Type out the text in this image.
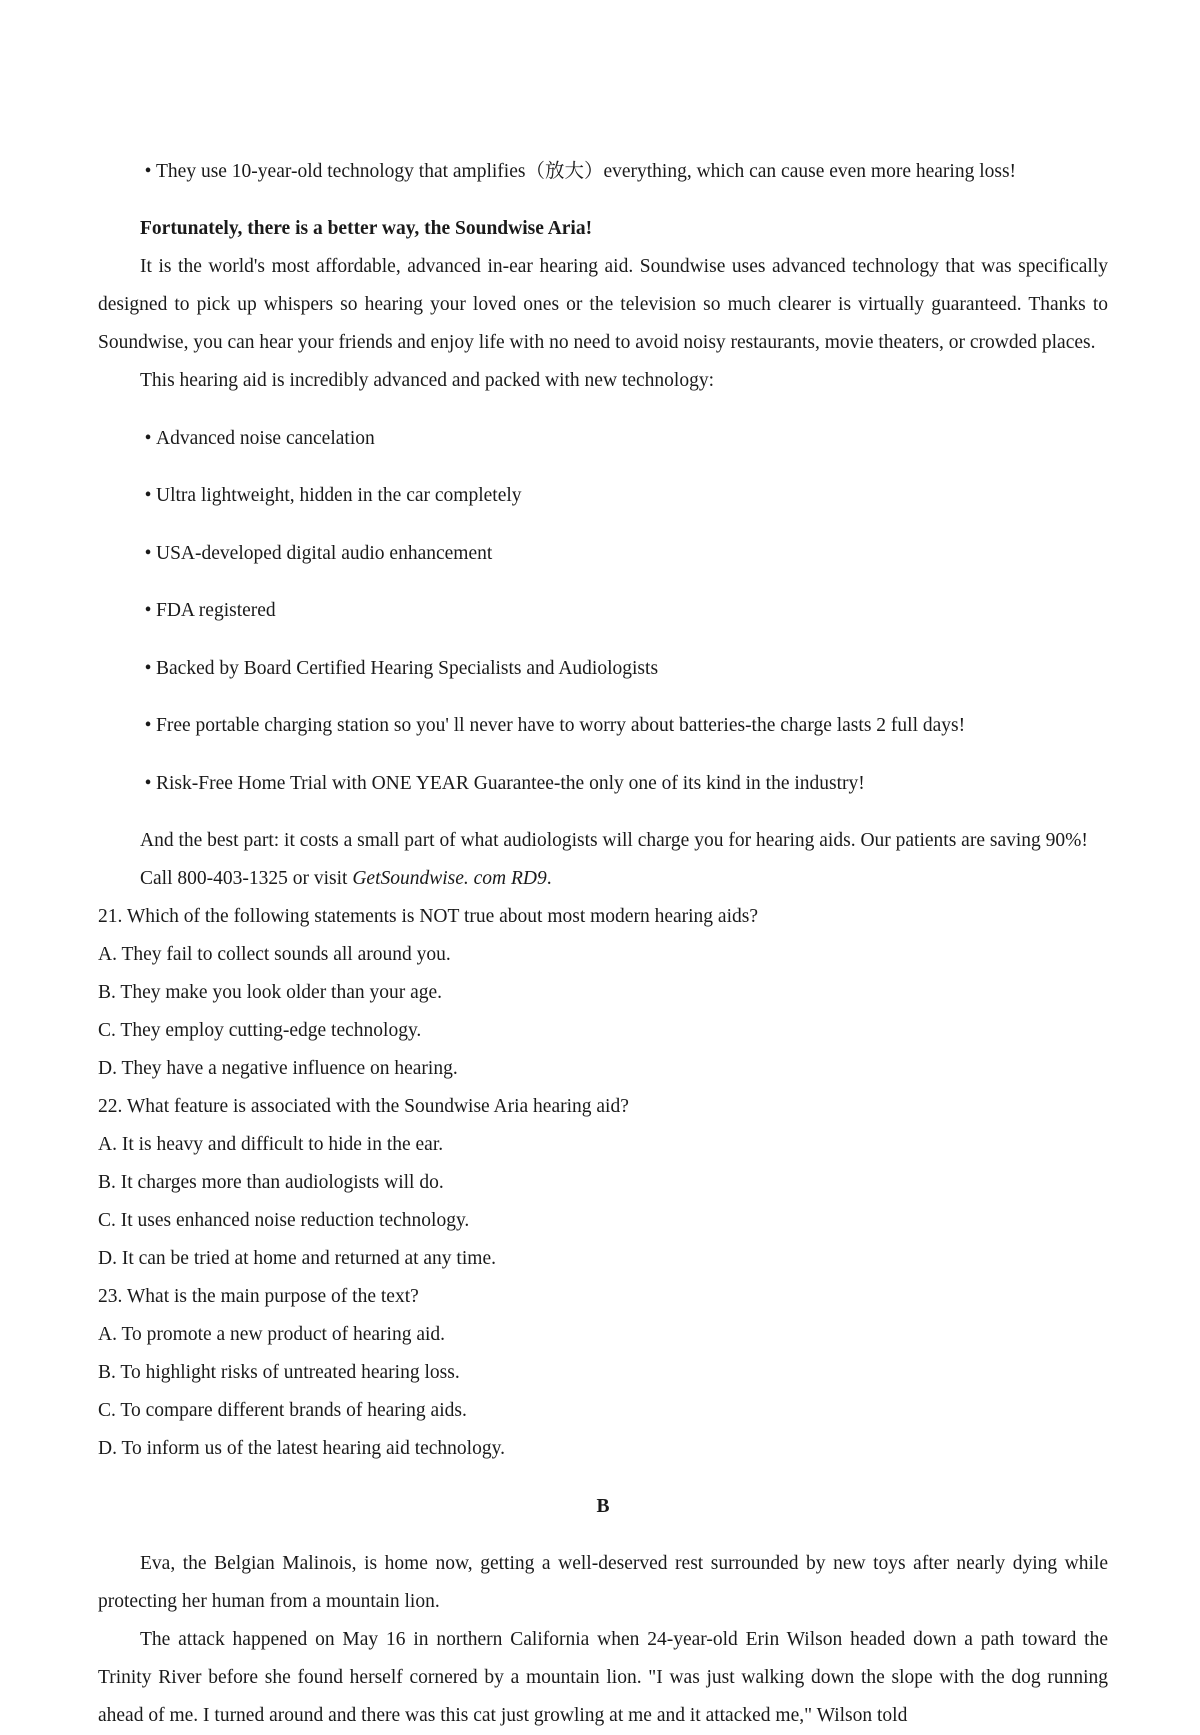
• They use 10-year-old technology that amplifies（放大）everything, which can cause even more hearing loss!

Fortunately, there is a better way, the Soundwise Aria!

It is the world's most affordable, advanced in-ear hearing aid. Soundwise uses advanced technology that was specifically designed to pick up whispers so hearing your loved ones or the television so much clearer is virtually guaranteed. Thanks to Soundwise, you can hear your friends and enjoy life with no need to avoid noisy restaurants, movie theaters, or crowded places.

This hearing aid is incredibly advanced and packed with new technology:

• Advanced noise cancelation

• Ultra lightweight, hidden in the car completely

• USA-developed digital audio enhancement

• FDA registered

• Backed by Board Certified Hearing Specialists and Audiologists

• Free portable charging station so you' ll never have to worry about batteries-the charge lasts 2 full days!

• Risk-Free Home Trial with ONE YEAR Guarantee-the only one of its kind in the industry!

And the best part: it costs a small part of what audiologists will charge you for hearing aids. Our patients are saving 90%!

Call 800-403-1325 or visit GetSoundwise. com RD9.

21. Which of the following statements is NOT true about most modern hearing aids?

A. They fail to collect sounds all around you.

B. They make you look older than your age.

C. They employ cutting-edge technology.

D. They have a negative influence on hearing.

22. What feature is associated with the Soundwise Aria hearing aid?

A. It is heavy and difficult to hide in the ear.

B. It charges more than audiologists will do.

C. It uses enhanced noise reduction technology.

D. It can be tried at home and returned at any time.

23. What is the main purpose of the text?

A. To promote a new product of hearing aid.

B. To highlight risks of untreated hearing loss.

C. To compare different brands of hearing aids.

D. To inform us of the latest hearing aid technology.

B

Eva, the Belgian Malinois, is home now, getting a well-deserved rest surrounded by new toys after nearly dying while protecting her human from a mountain lion.

The attack happened on May 16 in northern California when 24-year-old Erin Wilson headed down a path toward the Trinity River before she found herself cornered by a mountain lion. "I was just walking down the slope with the dog running ahead of me. I turned around and there was this cat just growling at me and it attacked me," Wilson told
